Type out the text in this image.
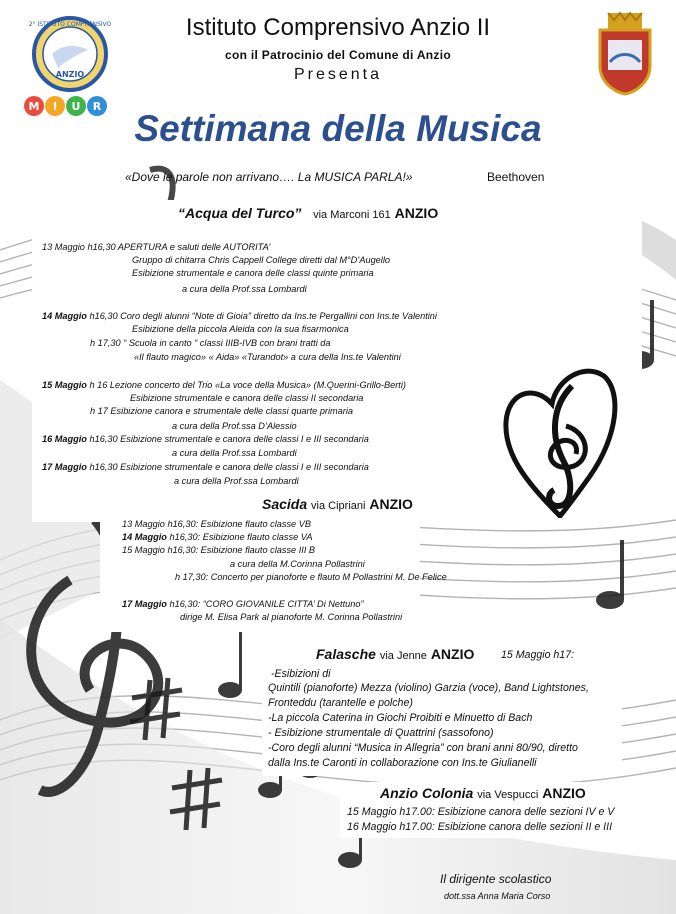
2° ISTITUTO COMPRENSIVO
ANZIO
M I U R
Istituto Comprensivo Anzio II
con il Patrocinio del Comune di Anzio
Presenta
Settimana della Musica
«Dove le parole non arrivano…. La MUSICA PARLA!»	Beethoven
“Acqua del Turco” via Marconi 161 ANZIO
13 Maggio h16,30 APERTURA e saluti delle AUTORITA’
Gruppo di chitarra Chris Cappell College diretti dal M°D’Augello
Esibizione strumentale e canora delle classi quinte primaria
a cura della Prof.ssa Lombardi
14 Maggio h16,30 Coro degli alunni “Note di Gioia” diretto da Ins.te Pergallini con Ins.te Valentini
Esibizione della piccola Aleida con la sua fisarmonica
h 17,30 “ Scuola in canto “ classi IIIB-IVB con brani tratti da
«Il flauto magico» « Aida» «Turandot» a cura della Ins.te Valentini
15 Maggio h 16 Lezione concerto del Trio «La voce della Musica» (M.Querini-Grillo-Berti)
Esibizione strumentale e canora delle classi II secondaria
h 17 Esibizione canora e strumentale delle classi quarte primaria
a cura della Prof.ssa D’Alessio
16 Maggio h16,30 Esibizione strumentale e canora delle classi I e III secondaria
a cura della Prof.ssa Lombardi
17 Maggio h16,30 Esibizione strumentale e canora delle classi I e III secondaria
a cura della Prof.ssa Lombardi
Sacida via Cipriani ANZIO
13 Maggio h16,30: Esibizione flauto classe VB
14 Maggio h16,30: Esibizione flauto classe VA
15 Maggio h16,30: Esibizione flauto classe III B
a cura della M.Corinna Pollastrini
h 17,30: Concerto per pianoforte e flauto M Pollastrini M. De Felice
17 Maggio h16,30: “CORO GIOVANILE CITTA’ Di Nettuno”
dirige M. Elisa Park al pianoforte M. Corinna Pollastrini
Falasche via Jenne ANZIO	15 Maggio h17:
-Esibizioni di
Quintili (pianoforte) Mezza (violino) Garzia (voce), Band Lightstones,
Fronteddu (tarantelle e polche)
-La piccola Caterina in Giochi Proibiti e Minuetto di Bach
- Esibizione strumentale di Quattrini (sassofono)
-Coro degli alunni “Musica in Allegria” con brani anni 80/90, diretto
dalla Ins.te Caronti in collaborazione con Ins.te Giulianelli
Anzio Colonia via Vespucci ANZIO
15 Maggio h17.00: Esibizione canora delle sezioni IV e V
16 Maggio h17.00: Esibizione canora delle sezioni II e III
Il dirigente scolastico
dott.ssa Anna Maria Corso
